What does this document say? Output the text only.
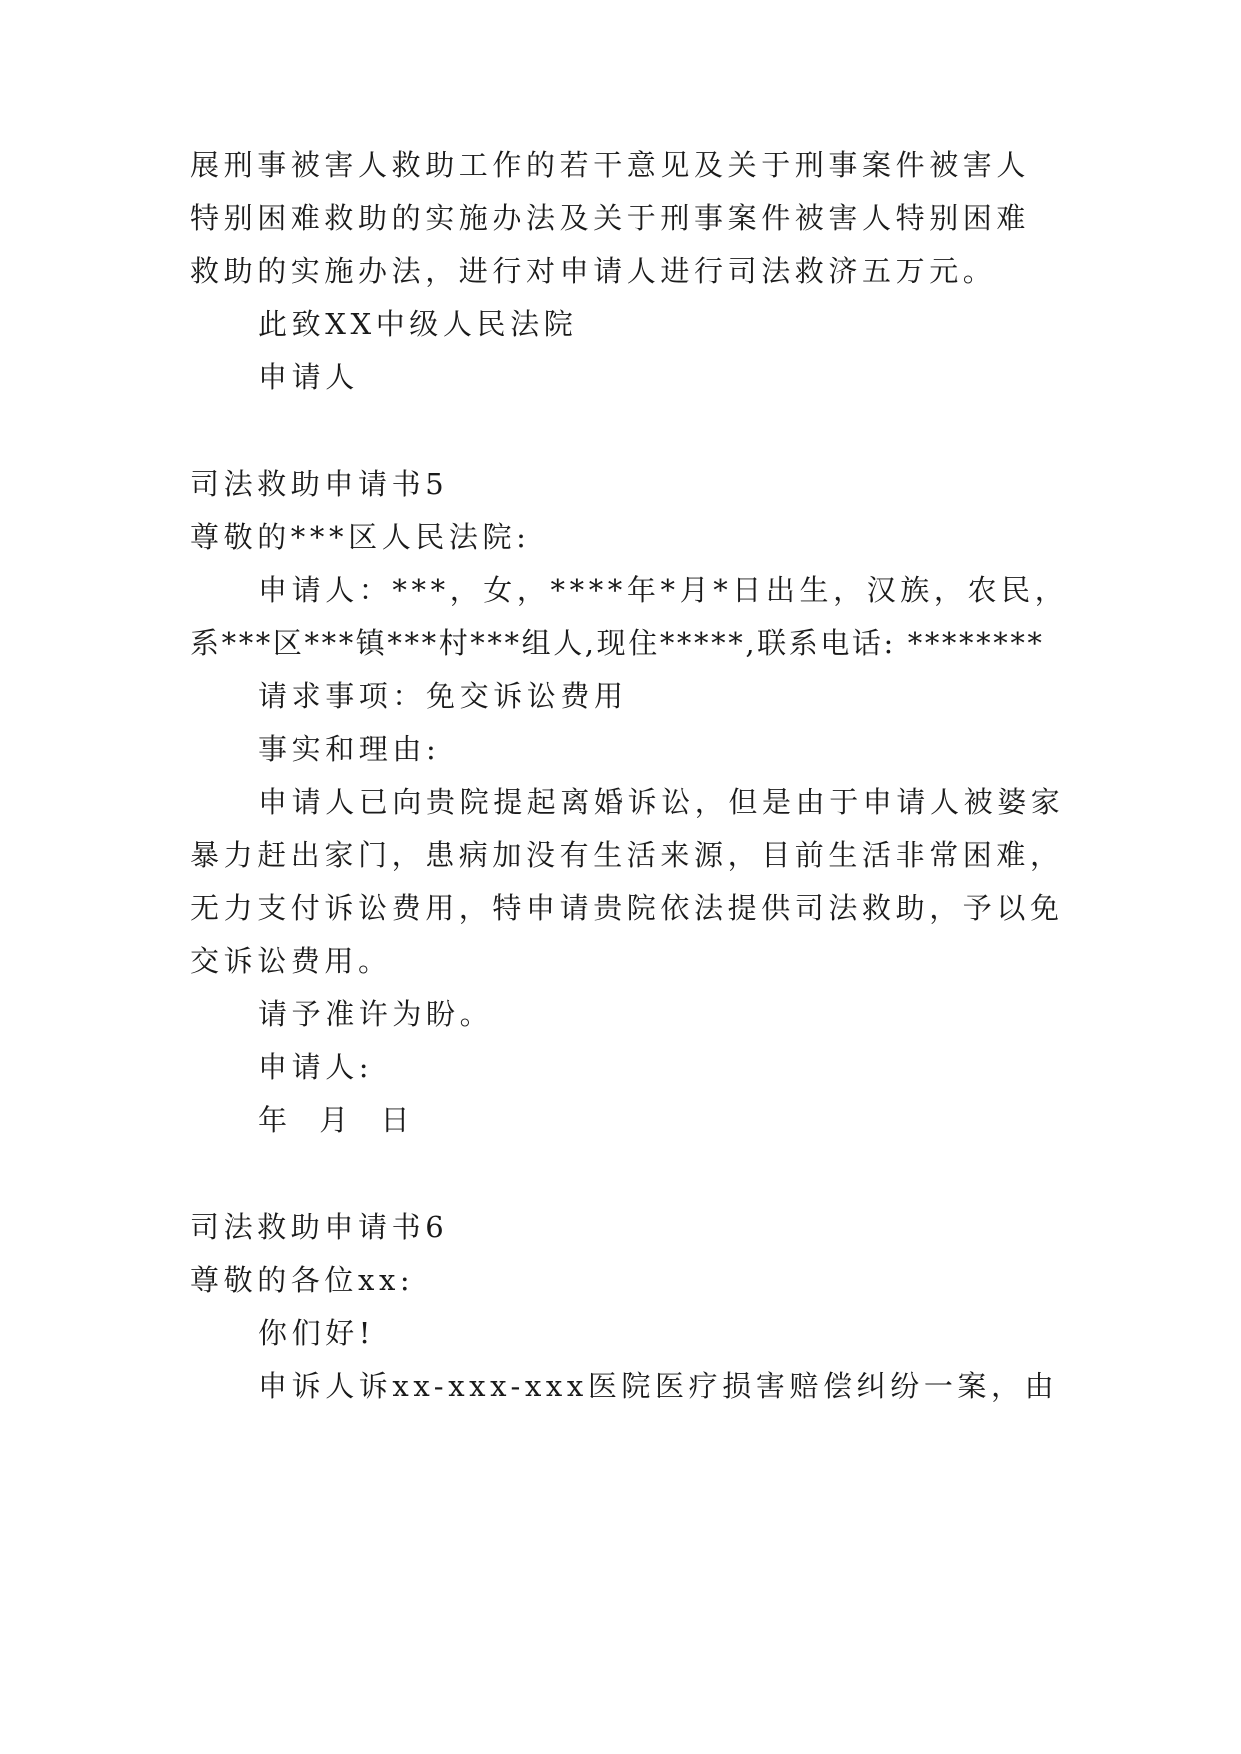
展刑事被害人救助工作的若干意见及关于刑事案件被害人
特别困难救助的实施办法及关于刑事案件被害人特别困难
救助的实施办法，进行对申请人进行司法救济五万元。
此致XX中级人民法院
申请人
司法救助申请书5
尊敬的***区人民法院:
申请人：***，女，****年*月*日出生，汉族，农民，
系***区***镇***村***组人,现住*****,联系电话: ********
请求事项：免交诉讼费用
事实和理由:
申请人已向贵院提起离婚诉讼，但是由于申请人被婆家
暴力赶出家门，患病加没有生活来源，目前生活非常困难，
无力支付诉讼费用，特申请贵院依法提供司法救助，予以免
交诉讼费用。
请予准许为盼。
申请人:
年  月  日
司法救助申请书6
尊敬的各位xx:
你们好!
申诉人诉xx-xxx-xxx医院医疗损害赔偿纠纷一案，由
